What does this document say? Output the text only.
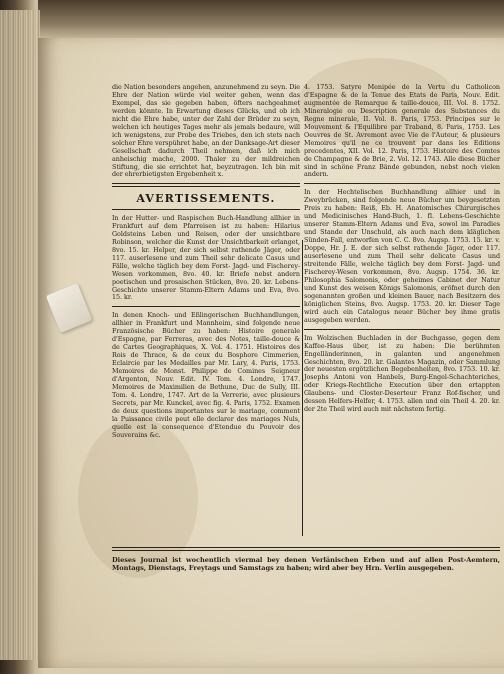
die Nation besonders angehen, anzunehmend zu seyn. Die Ehre der Nation würde viel weiter gehen, wenn das Exempel, das sie gegeben haben, öfters nachgeahmet werden könnte. In Erwartung dieses Glücks, und ob ich nicht die Ehre habe, unter der Zahl der Brüder zu seyn, welchen ich heutiges Tages mehr als jemals bedaure, will ich wenigstens, zur Probe des Triebes, den ich stets nach solcher Ehre verspühret habe, an der Danksage-Art dieser Gesellschaft dadurch Theil nehmen, daß ich mich anheischig mache, 2000. Thaler zu der mildreichen Stiftung, die sie errichtet hat, beyzutragen. Ich bin mit der ehrerbietigsten Ergebenheit x.

AVERTISSEMENTS.

In der Hutter- und Raspischen Buch-Handlung allhier in Frankfurt auf dem Pfarreisen ist zu haben: Hilarius Goldsteins Leben und Reisen, oder der unsichtbare Robinson, welcher die Kunst der Unsichtbarkeit erlanget, 8vo. 15. kr. Helper, der sich selbst rathende Jäger, oder 117. auserlesene und zum Theil sehr delicate Casus und Fälle, welche täglich bey dem Forst- Jagd- und Fischerey-Wesen vorkommen, 8vo. 40. kr. Briefe nebst andern poetischen und prosaischen Stücken, 8vo. 20. kr. Lebens-Geschichte unserer Stamm-Eltern Adams und Eva, 8vo. 15. kr.

In denen Knoch- und Eßlingerischen Buchhandlungen, allhier in Frankfurt und Mannheim, sind folgende neue Französische Bücher zu haben: Histoire generale d'Espagne, par Ferreras, avec des Notes, taille-douce & de Cartes Geographiques, X. Vol. 4. 1751. Histoires des Rois de Thrace, & de ceux du Bosphore Cimmerien, Eclaircie par les Medailles par Mr. Lary, 4. Paris, 1753. Memoires de Monst. Philippe de Comines Seigneur d'Argenton, Nouv. Edit. IV. Tom. 4. Londre, 1747. Memoires de Maximilien de Bethune, Duc de Sully, III. Tom. 4. Londre, 1747. Art de la Verrerie, avec plusieurs Secrets, par Mr. Kunckel, avec fig. 4. Paris, 1752. Examen de deux questions importantes sur le mariage, comment la Puissance civile peut elle declarer des mariages Nuls, quelle est la consequence d'Etendue du Pouvoir des Souverains &c.

4. 1753. Satyre Menipée de la Vertu du Catholicon d'Espagne & de la Tenue des Etats de Paris, Nouv. Edit. augmentée de Remarque & taille-douce, III. Vol. 8. 1752. Mineralogie ou Description generale des Substances du Regne minerale, II. Vol. 8. Paris, 1753. Principes sur le Mouvement & l'Equilibre par Traband, 8. Paris, 1753. Les Oeuvres de St. Avremont avec Vie de l'Auteur, & plusieurs Memoires qu'il ne ce trouvent par dans les Editions precedentes, XII. Vol. 12. Paris, 1753. Histoire des Comtes de Champagne & de Brie, 2. Vol. 12. 1743. Alle diese Bücher sind in schöne Franz Bände gebunden, nebst noch vielen andern.

In der Hechtelischen Buchhandlung allhier und in Zweybrücken, sind folgende neue Bücher um beygesetzten Preis zu haben: Reiß, Eb. H. Anatomisches Chirurgisches und Medicinisches Hand-Buch, 1. fl. Lebens-Geschichte unserer Stamm-Eltern Adams und Eva, sowol im Paradies und Stande der Unschuld, als auch nach dem kläglichen Sünden-Fall, entworfen von C. C. 8vo. Augsp. 1753. 15. kr. v. Doppe, Hr. J. E. der sich selbst rathende Jäger, oder 117. auserlesene und zum Theil sehr delicate Casus und streitende Fälle, welche täglich bey dem Forst- Jagd- und Fischerey-Wesen vorkommen, 8vo. Augsp. 1754. 36. kr. Philosophia Salomonis, oder geheimes Cabinet der Natur und Kunst des weisen Königs Salomonis, eröfnet durch den sogenannten großen und kleinen Bauer, nach Besitzern des königlichen Steins, 8vo. Augsp. 1753. 20. kr. Dieser Tage wird auch ein Catalogus neuer Bücher bey ihme gratis ausgegeben werden.

Im Wolzischen Buchladen in der Buchgasse, gegen dem Kaffee-Haus über, ist zu haben: Die berühmten Engelländerinnen, in galanten und angenehmen Geschichten, 8vo. 20. kr. Galantes Magazin, oder Sammlung der neuesten ergötzlichen Begebenheiten, 8vo. 1753. 10. kr. Josephs Antoni von Hanbels, Burg-Engel-Schachteriches, oder Kriegs-Rechtliche Execution über den ertappten Glaubens- und Closter-Deserteur Franz Rof-fischer, und dessen Helfers-Helfer, 4. 1753. allen und ein Theil 4. 20. kr. der 2te Theil wird auch mit nächstem fertig.

Dieses Journal ist wochentlich viermal bey denen Verlänischen Erben und auf allen Post-Aemtern, Montags, Dienstags, Freytags und Samstags zu haben; wird aber bey Hrn. Verlin ausgegeben.
